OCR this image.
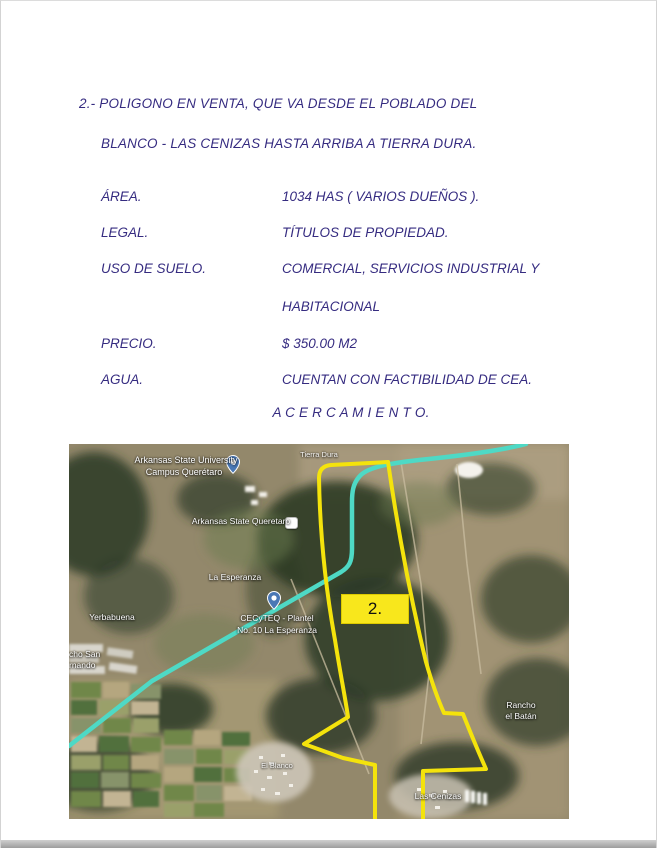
2.- POLIGONO EN VENTA, QUE VA DESDE EL POBLADO DEL
BLANCO - LAS CENIZAS HASTA ARRIBA A TIERRA DURA.
ÁREA.	1034 HAS ( VARIOS DUEÑOS ).
LEGAL.	TÍTULOS DE PROPIEDAD.
USO DE SUELO.	COMERCIAL, SERVICIOS INDUSTRIAL Y
HABITACIONAL
PRECIO.	$ 350.00 M2
AGUA.	CUENTAN CON FACTIBILIDAD DE CEA.
A C E R C A M I E N T O.
2.
Arkansas State University
Campus Querétaro
Tierra Dura
Arkansas State Queretaro
La Esperanza
Yerbabuena	CECyTEQ - Plantel
No. 10 La Esperanza
cho San
rnando
Rancho
el Batán
El Blanco
Las Cenizas
